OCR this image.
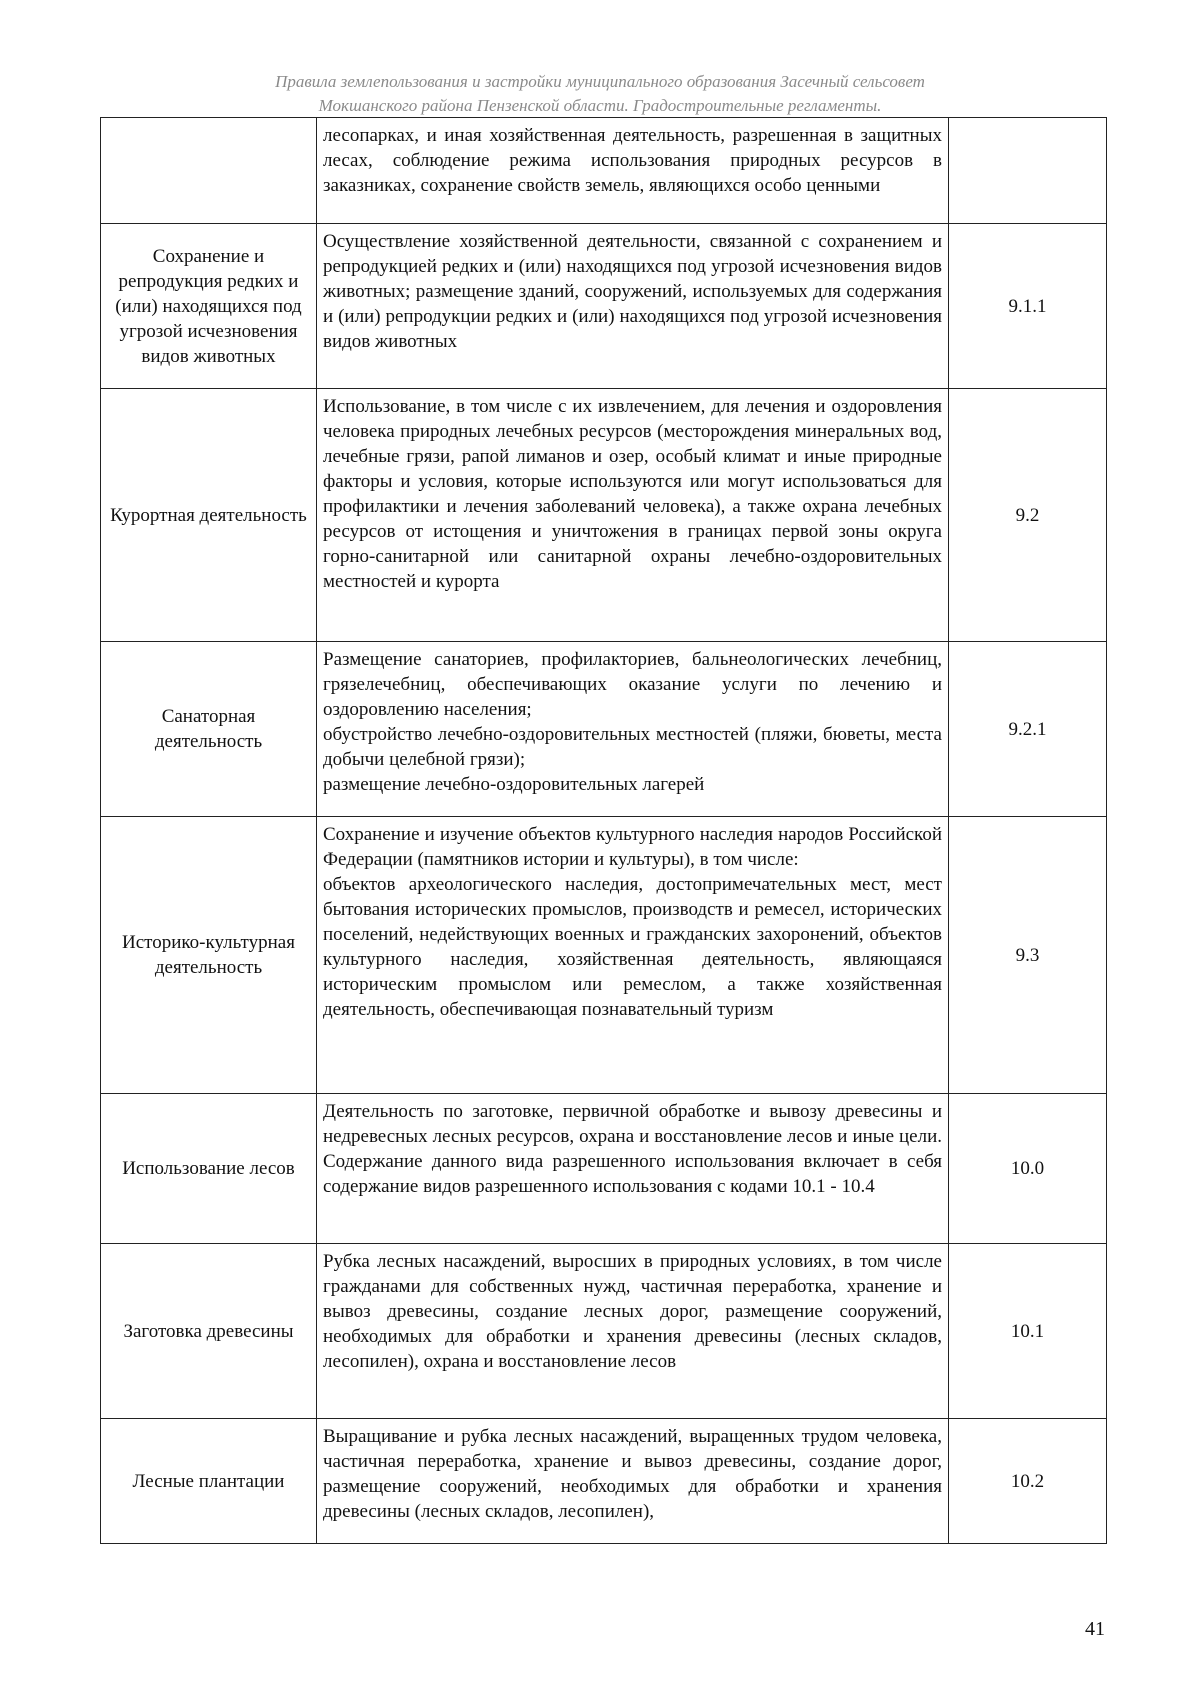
Правила землепользования и застройки муниципального образования Засечный сельсовет
Мокшанского района Пензенской области. Градостроительные регламенты.

	лесопарках, и иная хозяйственная деятельность, разрешенная в защитных лесах, соблюдение режима использования природных ресурсов в заказниках, сохранение свойств земель, являющихся особо ценными	

Сохранение и репродукция редких и (или) находящихся под угрозой исчезновения видов животных	Осуществление хозяйственной деятельности, связанной с сохранением и репродукцией редких и (или) находящихся под угрозой исчезновения видов животных; размещение зданий, сооружений, используемых для содержания и (или) репродукции редких и (или) находящихся под угрозой исчезновения видов животных	9.1.1
Курортная деятельность	Использование, в том числе с их извлечением, для лечения и оздоровления человека природных лечебных ресурсов (месторождения минеральных вод, лечебные грязи, рапой лиманов и озер, особый климат и иные природные факторы и условия, которые используются или могут использоваться для профилактики и лечения заболеваний человека), а также охрана лечебных ресурсов от истощения и уничтожения в границах первой зоны округа горно-санитарной или санитарной охраны лечебно-оздоровительных местностей и курорта	9.2
Санаторная деятельность	Размещение санаториев, профилакториев, бальнеологических лечебниц, грязелечебниц, обеспечивающих оказание услуги по лечению и оздоровлению населения;
обустройство лечебно-оздоровительных местностей (пляжи, бюветы, места добычи целебной грязи);
размещение лечебно-оздоровительных лагерей	9.2.1
Историко-культурная деятельность	Сохранение и изучение объектов культурного наследия народов Российской Федерации (памятников истории и культуры), в том числе:
объектов археологического наследия, достопримечательных мест, мест бытования исторических промыслов, производств и ремесел, исторических поселений, недействующих военных и гражданских захоронений, объектов культурного наследия, хозяйственная деятельность, являющаяся историческим промыслом или ремеслом, а также хозяйственная деятельность, обеспечивающая познавательный туризм	9.3
Использование лесов	Деятельность по заготовке, первичной обработке и вывозу древесины и недревесных лесных ресурсов, охрана и восстановление лесов и иные цели. Содержание данного вида разрешенного использования включает в себя содержание видов разрешенного использования с кодами 10.1 - 10.4	10.0
Заготовка древесины	Рубка лесных насаждений, выросших в природных условиях, в том числе гражданами для собственных нужд, частичная переработка, хранение и вывоз древесины, создание лесных дорог, размещение сооружений, необходимых для обработки и хранения древесины (лесных складов, лесопилен), охрана и восстановление лесов	10.1
Лесные плантации	Выращивание и рубка лесных насаждений, выращенных трудом человека, частичная переработка, хранение и вывоз древесины, создание дорог, размещение сооружений, необходимых для обработки и хранения древесины (лесных складов, лесопилен),	10.2
41
